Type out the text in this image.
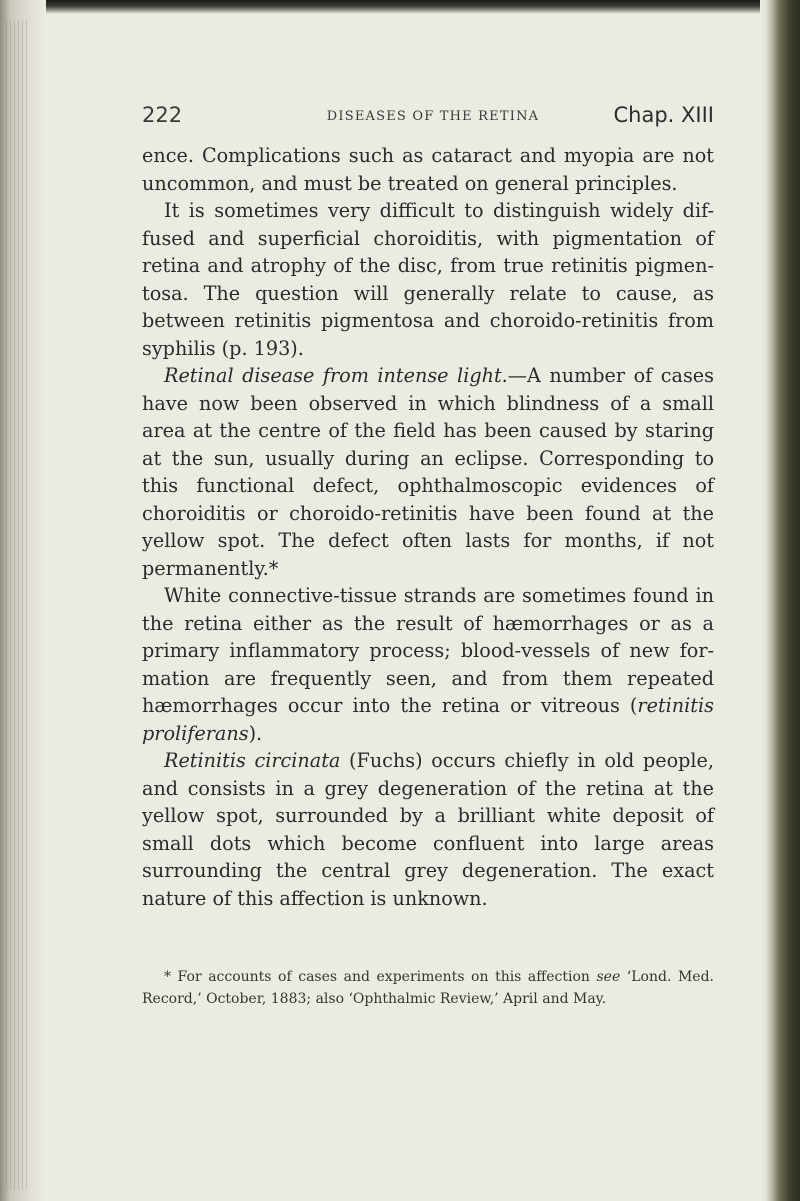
222	DISEASES OF THE RETINA	Chap. XIII

ence. Complications such as cataract and myopia are not uncommon, and must be treated on general principles.

It is sometimes very difficult to distinguish widely dif-fused and superficial choroiditis, with pigmentation of retina and atrophy of the disc, from true retinitis pigmen-tosa. The question will generally relate to cause, as between retinitis pigmentosa and choroido-retinitis from syphilis (p. 193).

Retinal disease from intense light.—A number of cases have now been observed in which blindness of a small area at the centre of the field has been caused by staring at the sun, usually during an eclipse. Corresponding to this functional defect, ophthalmoscopic evidences of choroiditis or choroido-retinitis have been found at the yellow spot. The defect often lasts for months, if not permanently.*

White connective-tissue strands are sometimes found in the retina either as the result of hæmorrhages or as a primary inflammatory process; blood-vessels of new for-mation are frequently seen, and from them repeated hæmorrhages occur into the retina or vitreous (retinitis proliferans).

Retinitis circinata (Fuchs) occurs chiefly in old people, and consists in a grey degeneration of the retina at the yellow spot, surrounded by a brilliant white deposit of small dots which become confluent into large areas surrounding the central grey degeneration. The exact nature of this affection is unknown.

* For accounts of cases and experiments on this affection see ‘Lond. Med. Record,’ October, 1883; also ‘Ophthalmic Review,’ April and May.
